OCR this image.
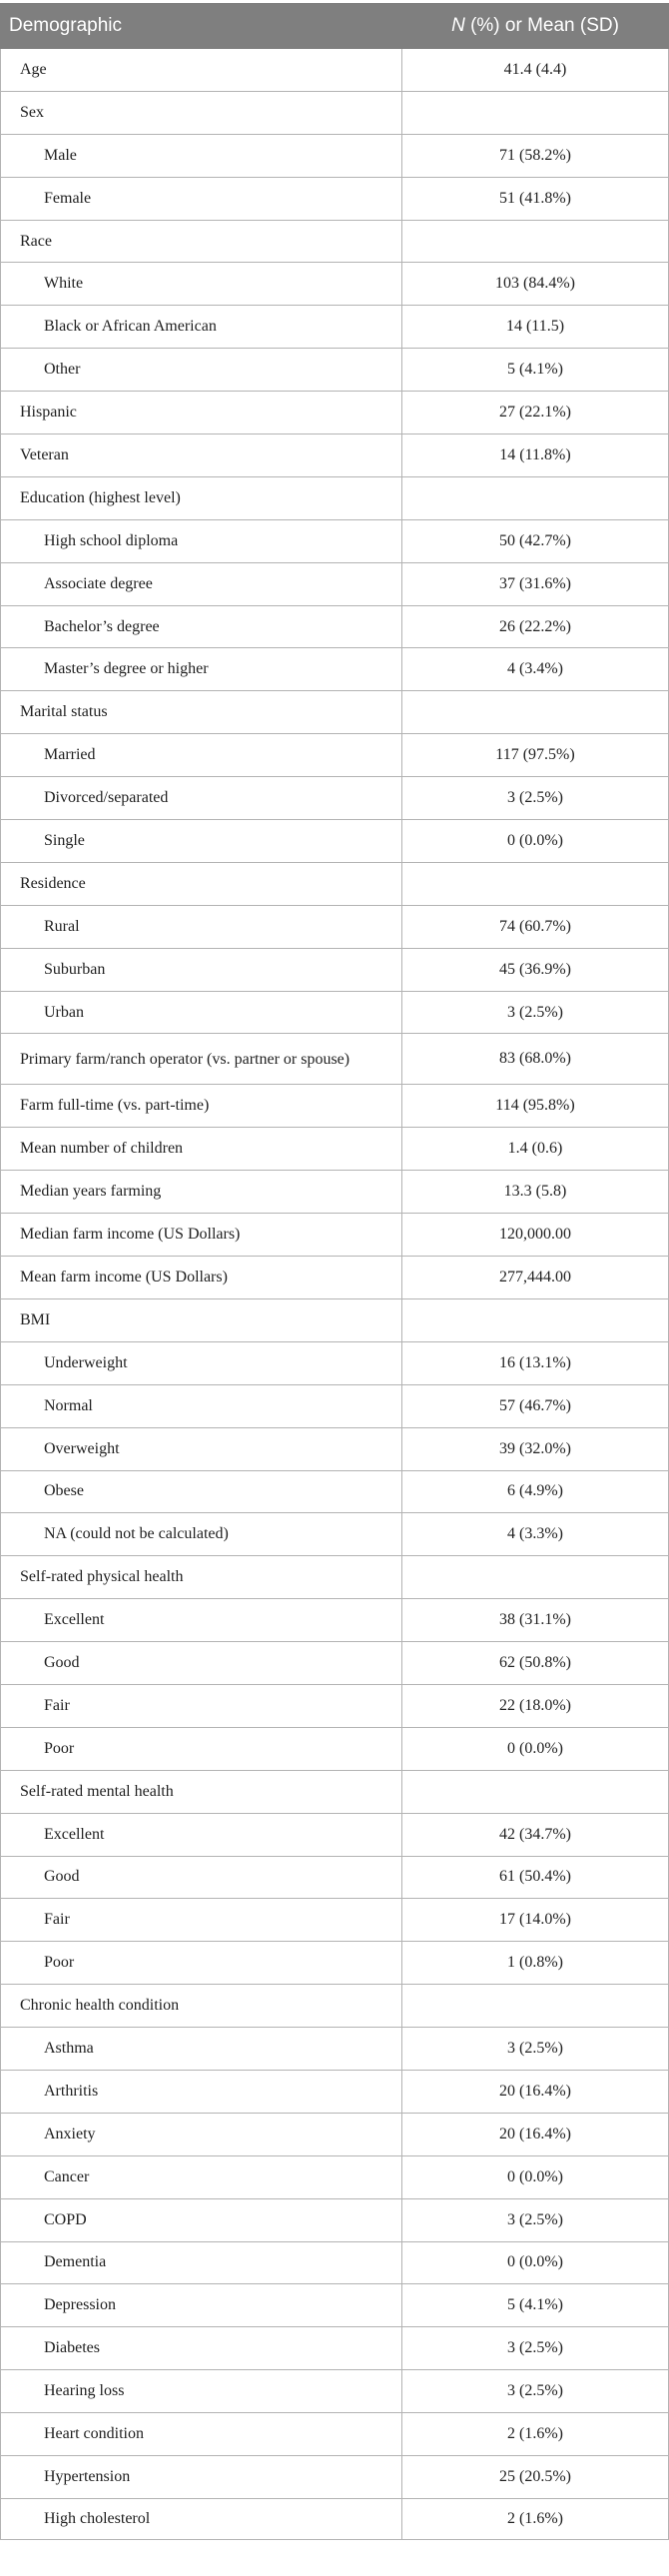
Demographic	N (%) or Mean (SD)
Age	41.4 (4.4)
Sex	
Male	71 (58.2%)
Female	51 (41.8%)
Race	
White	103 (84.4%)
Black or African American	14 (11.5)
Other	5 (4.1%)
Hispanic	27 (22.1%)
Veteran	14 (11.8%)
Education (highest level)	
High school diploma	50 (42.7%)
Associate degree	37 (31.6%)
Bachelor’s degree	26 (22.2%)
Master’s degree or higher	4 (3.4%)
Marital status	
Married	117 (97.5%)
Divorced/separated	3 (2.5%)
Single	0 (0.0%)
Residence	
Rural	74 (60.7%)
Suburban	45 (36.9%)
Urban	3 (2.5%)
Primary farm/ranch operator (vs. partner or spouse)	83 (68.0%)
Farm full-time (vs. part-time)	114 (95.8%)
Mean number of children	1.4 (0.6)
Median years farming	13.3 (5.8)
Median farm income (US Dollars)	120,000.00
Mean farm income (US Dollars)	277,444.00
BMI	
Underweight	16 (13.1%)
Normal	57 (46.7%)
Overweight	39 (32.0%)
Obese	6 (4.9%)
NA (could not be calculated)	4 (3.3%)
Self-rated physical health	
Excellent	38 (31.1%)
Good	62 (50.8%)
Fair	22 (18.0%)
Poor	0 (0.0%)
Self-rated mental health	
Excellent	42 (34.7%)
Good	61 (50.4%)
Fair	17 (14.0%)
Poor	1 (0.8%)
Chronic health condition	
Asthma	3 (2.5%)
Arthritis	20 (16.4%)
Anxiety	20 (16.4%)
Cancer	0 (0.0%)
COPD	3 (2.5%)
Dementia	0 (0.0%)
Depression	5 (4.1%)
Diabetes	3 (2.5%)
Hearing loss	3 (2.5%)
Heart condition	2 (1.6%)
Hypertension	25 (20.5%)
High cholesterol	2 (1.6%)
